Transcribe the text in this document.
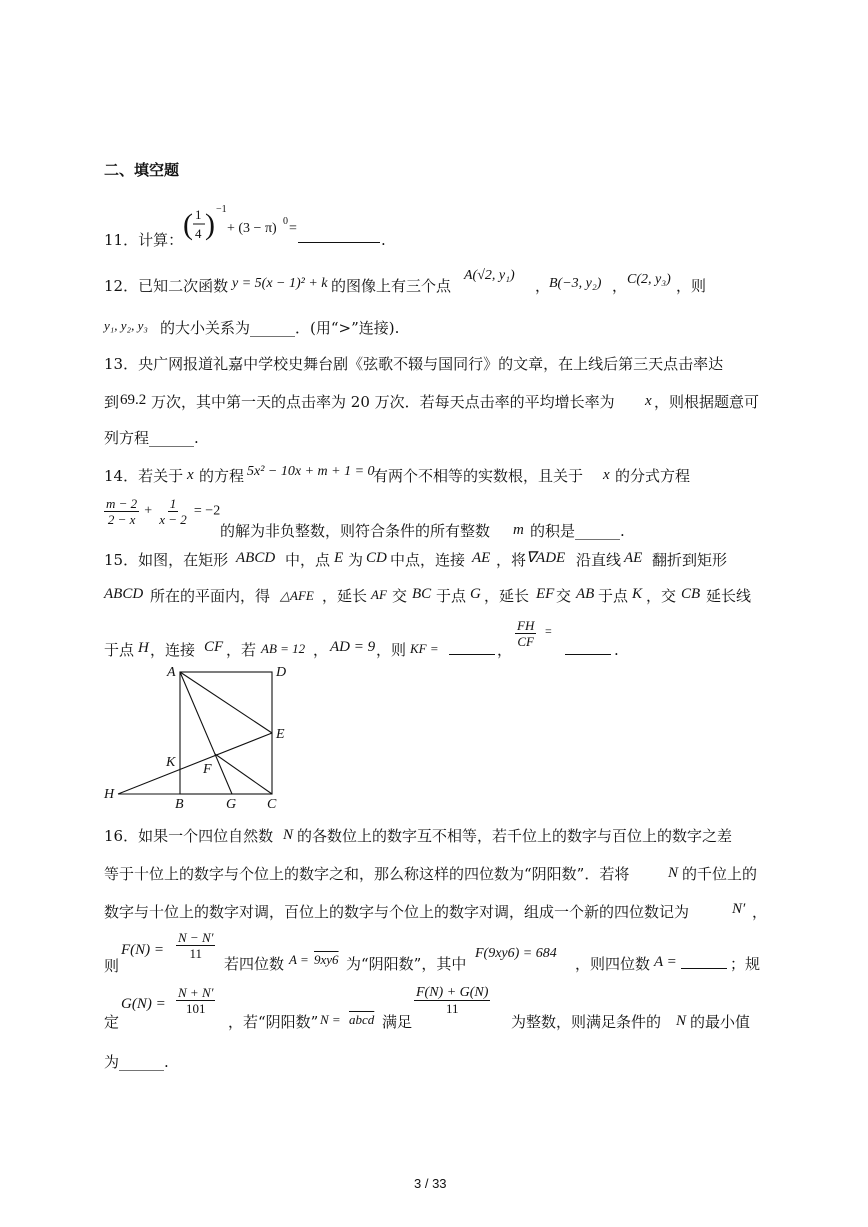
二、填空题
11．计算： ( 1
4 ) −1
+ (3 − π) 0 =
.
12．已知二次函数 y = 5(x − 1)² + k 的图像上有三个点
A(√2, y₁)
，
B(−3, y₂) ， C(2, y₃) ，则
y₁, y₂, y₃ 的大小关系为______．(用“>”连接).
13．央广网报道礼嘉中学校史舞台剧《弦歌不辍与国同行》的文章，在上线后第三天点击率达
到 69.2 万次，其中第一天的点击率为 20 万次．若每天点击率的平均增长率为 x ，则根据题意可
列方程______.
14．若关于 x 的方程 5x² − 10x + m + 1 = 0
有两个不相等的实数根，且关于 x 的分式方程
$\frac{m - 2}{2 - x} + \frac{1}{x - 2} = -2$
的解为非负整数，则符合条件的所有整数 m 的积是______.
15．如图，在矩形 ABCD 中，点 E 为 CD 中点，连接 AE ，将 ∇ADE 沿直线 AE 翻折到矩形
ABCD 所在的平面内，得 △AFE ，延长 AF 交 BC 于点 G ，延长 EF 交 AB 于点 K ，交 CB 延长线
于点 H ，连接 CF ，若 AB = 12 ， AD = 9 ，则 KF =	，
$\frac{FH}{CF}$ =
.
A	D
E
K F
H
B	G C
16．如果一个四位自然数 N 的各数位上的数字互不相等，若千位上的数字与百位上的数字之差
等于十位上的数字与个位上的数字之和，那么称这样的四位数为“阴阳数”．若将	N 的千位上的
数字与十位上的数字对调，百位上的数字与个位上的数字对调，组成一个新的四位数记为	N′ ，
则
$F(N) = \frac{N - N'}{11}$
若四位数 A = 9xy6 为“阴阳数”，其中
F(9xy6) = 684
，则四位数 A =	；规
定
$G(N) = \frac{N + N'}{101}$
，若“阴阳数” N = abcd 满足
$\frac{F(N) + G(N)}{11}$
为整数，则满足条件的 N 的最小值
为______.
3 / 33
